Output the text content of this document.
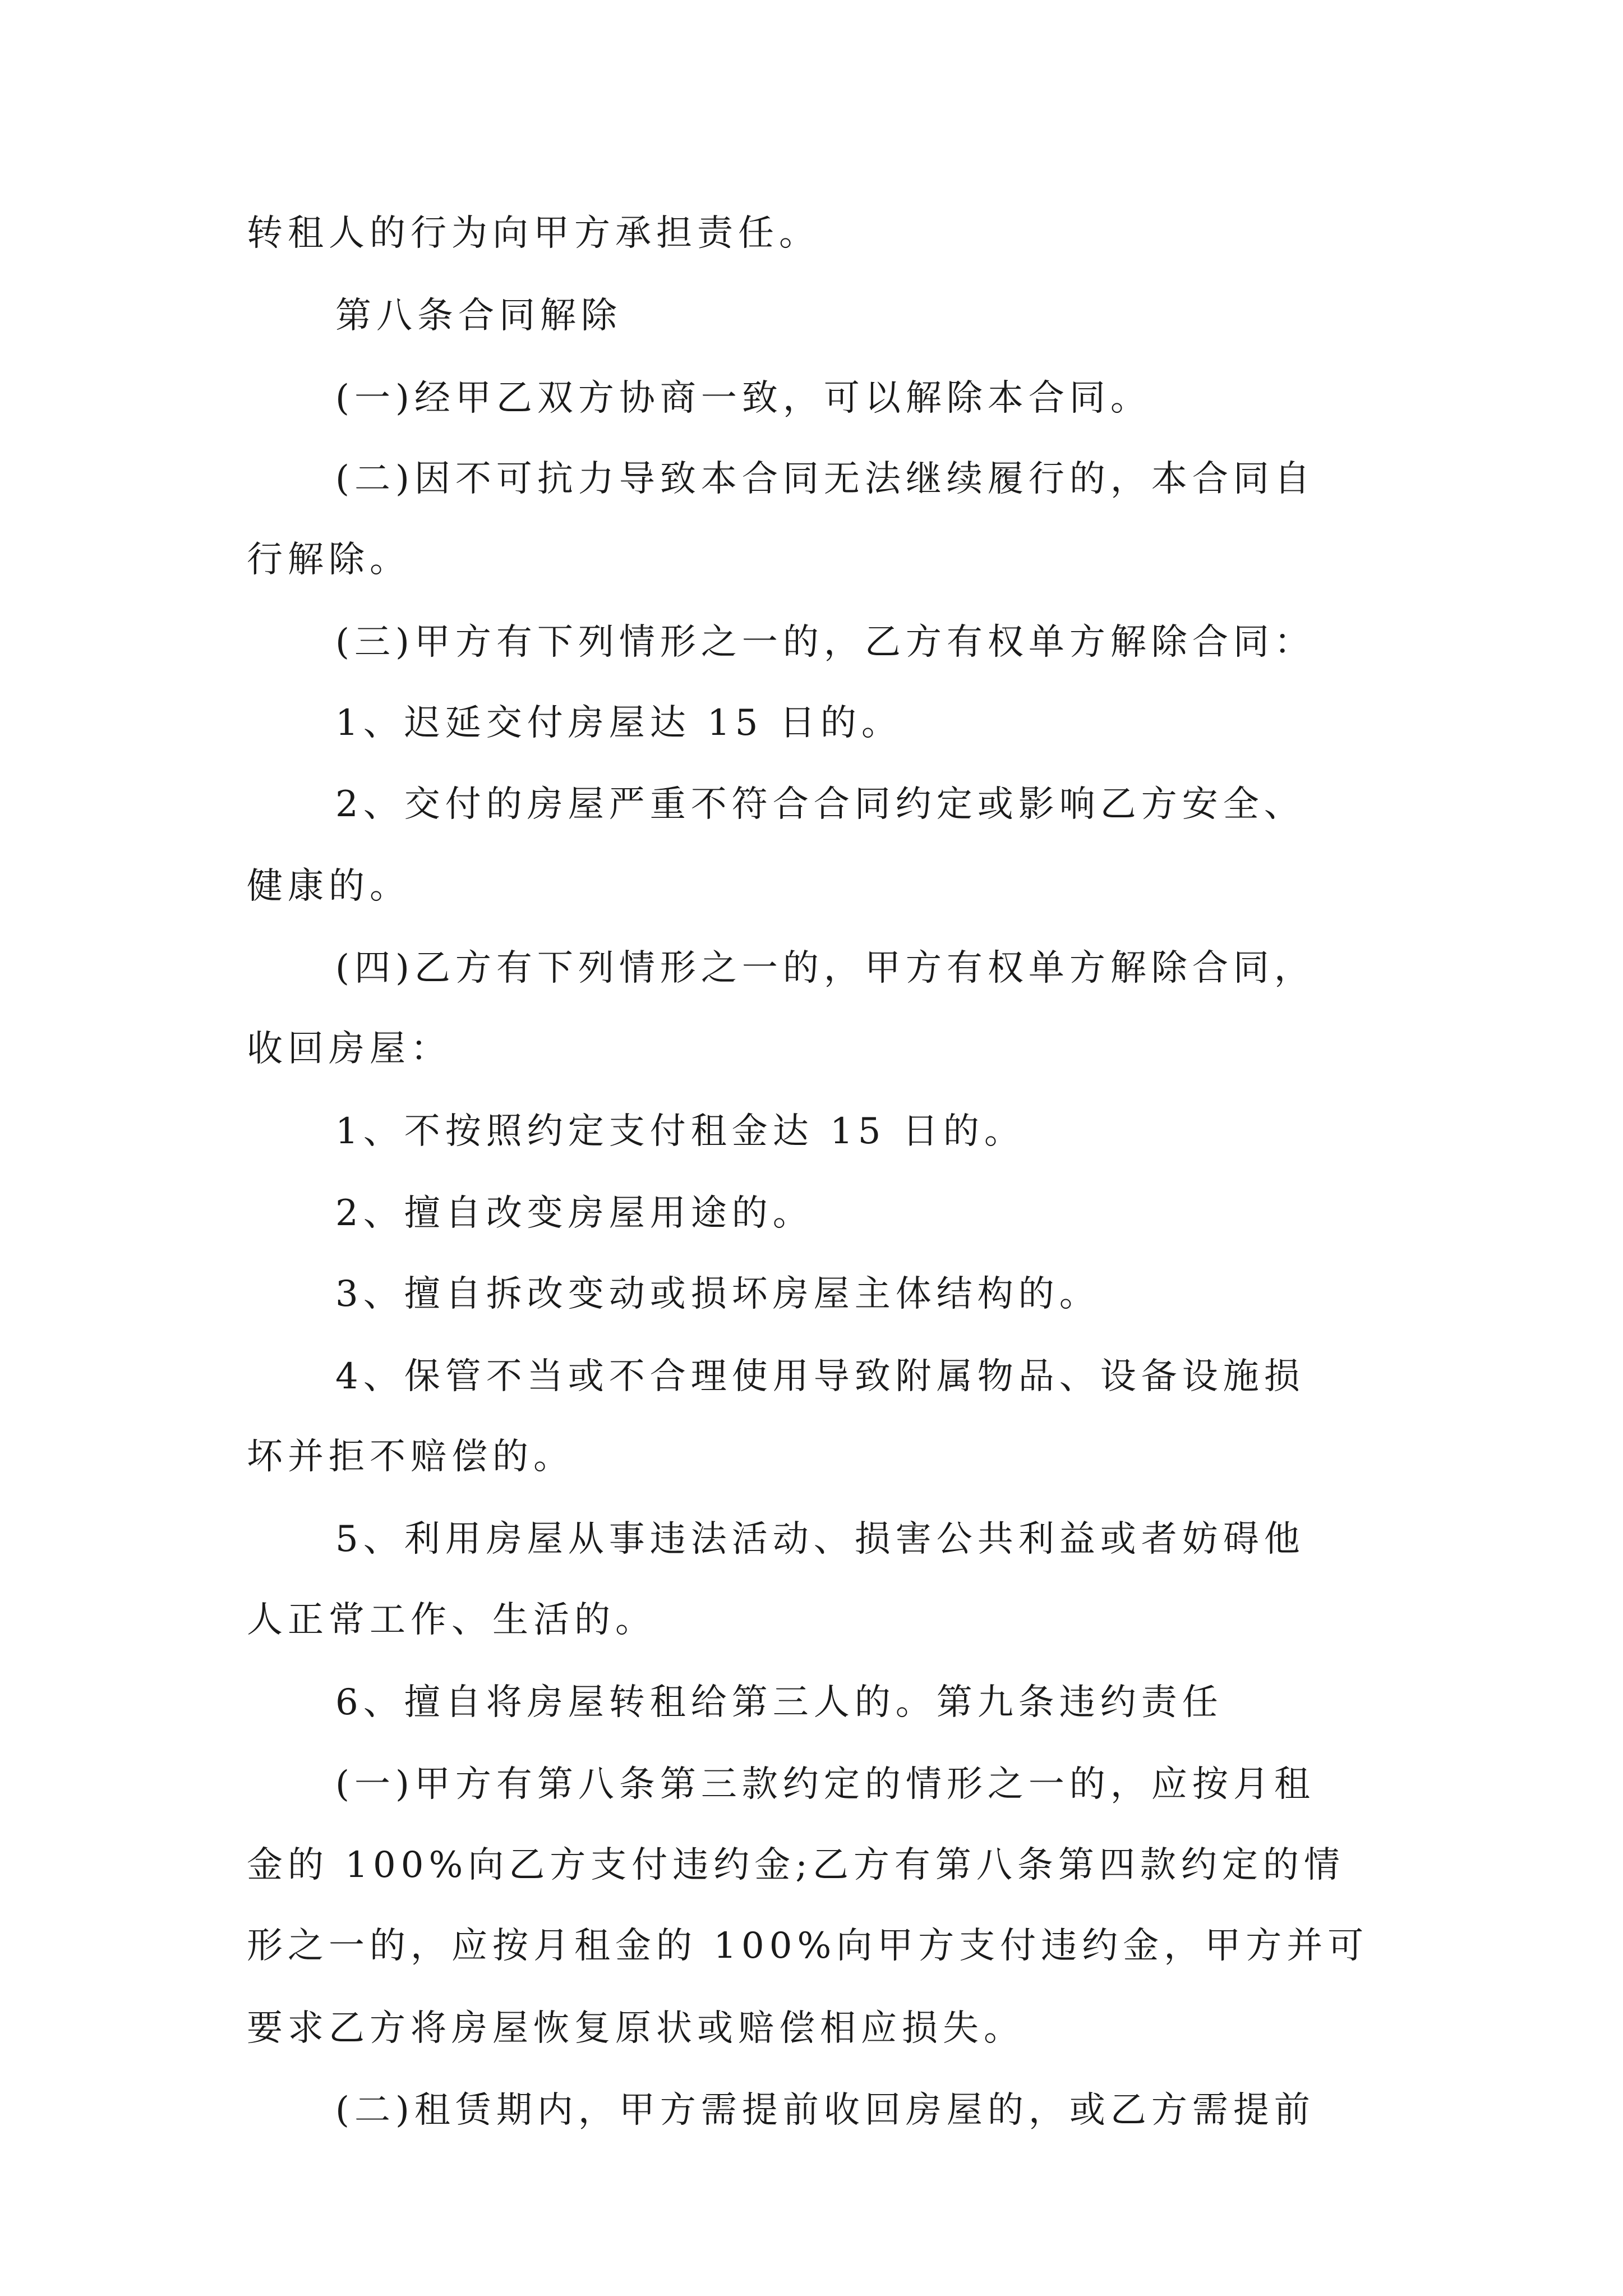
转租人的行为向甲方承担责任。
第八条合同解除
(一)经甲乙双方协商一致，可以解除本合同。
(二)因不可抗力导致本合同无法继续履行的，本合同自
行解除。
(三)甲方有下列情形之一的，乙方有权单方解除合同：
1、迟延交付房屋达 15 日的。
2、交付的房屋严重不符合合同约定或影响乙方安全、
健康的。
(四)乙方有下列情形之一的，甲方有权单方解除合同，
收回房屋：
1、不按照约定支付租金达 15 日的。
2、擅自改变房屋用途的。
3、擅自拆改变动或损坏房屋主体结构的。
4、保管不当或不合理使用导致附属物品、设备设施损
坏并拒不赔偿的。
5、利用房屋从事违法活动、损害公共利益或者妨碍他
人正常工作、生活的。
6、擅自将房屋转租给第三人的。第九条违约责任
(一)甲方有第八条第三款约定的情形之一的，应按月租
金的 100%向乙方支付违约金;乙方有第八条第四款约定的情
形之一的，应按月租金的 100%向甲方支付违约金，甲方并可
要求乙方将房屋恢复原状或赔偿相应损失。
(二)租赁期内，甲方需提前收回房屋的，或乙方需提前
